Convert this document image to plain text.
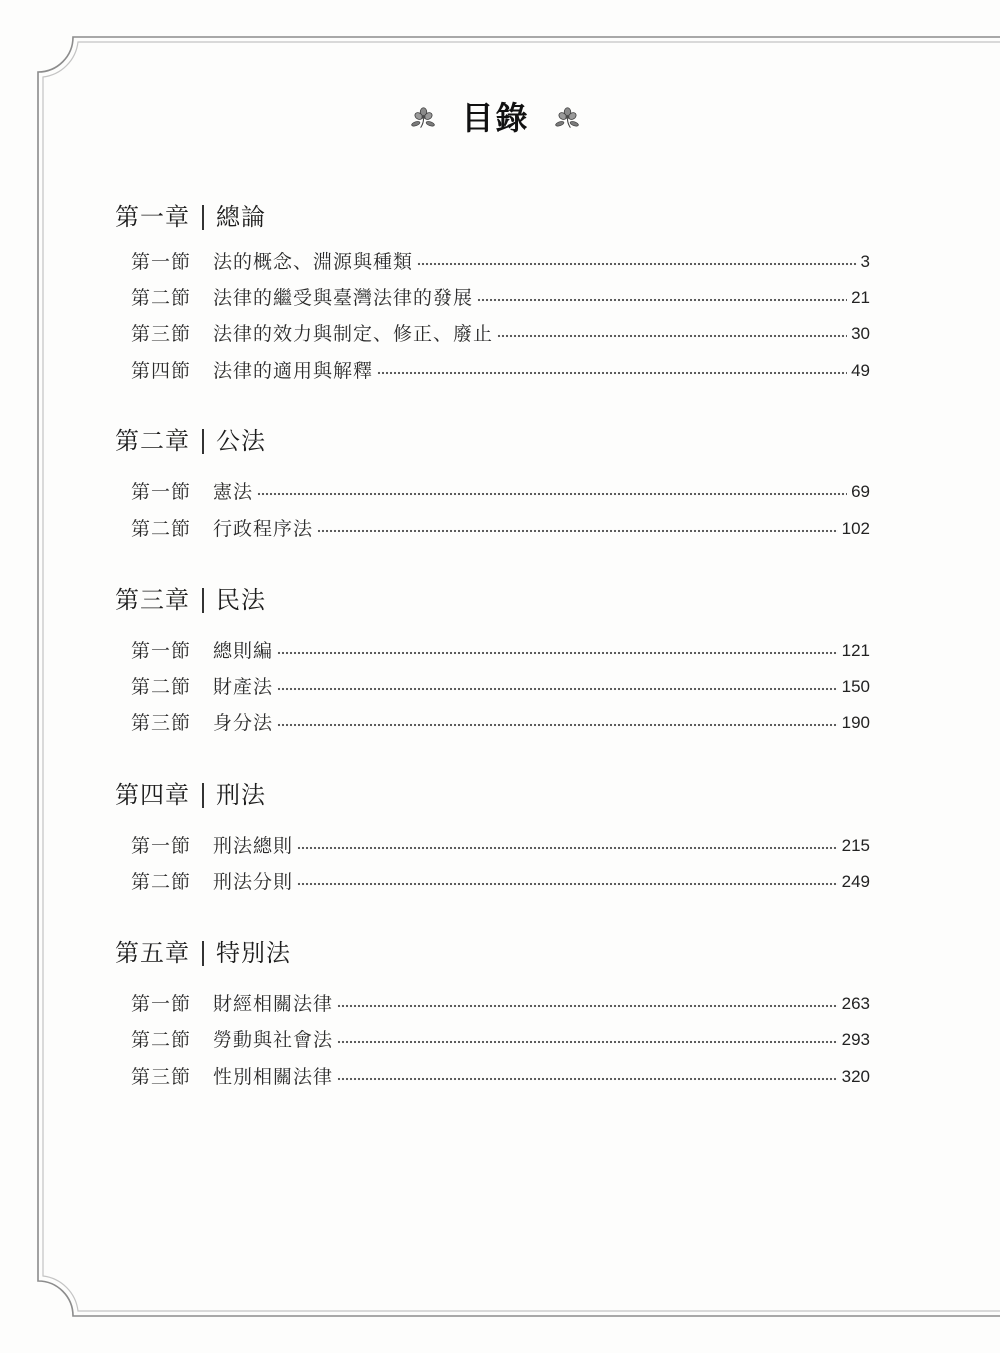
目錄
第一章 總論
第一節	法的概念、淵源與種類	3
第二節	法律的繼受與臺灣法律的發展	21
第三節	法律的效力與制定、修正、廢止	30
第四節	法律的適用與解釋	49
第二章 公法
第一節	憲法	69
第二節	行政程序法	102
第三章 民法
第一節	總則編	121
第二節	財產法	150
第三節	身分法	190
第四章 刑法
第一節	刑法總則	215
第二節	刑法分則	249
第五章 特別法
第一節	財經相關法律	263
第二節	勞動與社會法	293
第三節	性別相關法律	320
